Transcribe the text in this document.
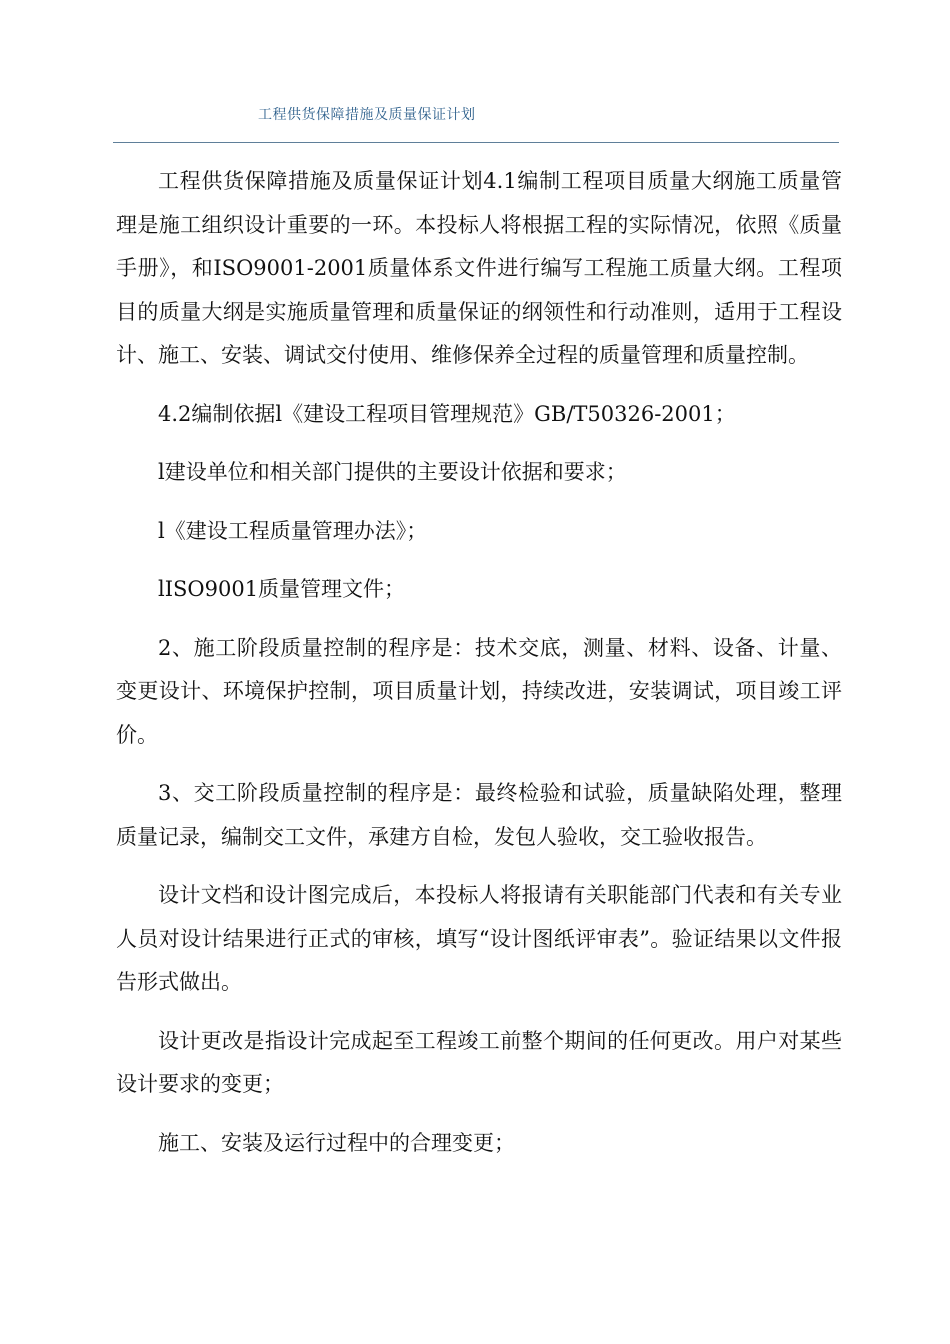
工程供货保障措施及质量保证计划

工程供货保障措施及质量保证计划4.1编制工程项目质量大纲施工质量管理是施工组织设计重要的一环。本投标人将根据工程的实际情况，依照《质量手册》，和ISO9001-2001质量体系文件进行编写工程施工质量大纲。工程项目的质量大纲是实施质量管理和质量保证的纲领性和行动准则，适用于工程设计、施工、安装、调试交付使用、维修保养全过程的质量管理和质量控制。

4.2编制依据l《建设工程项目管理规范》GB/T50326-2001；

l建设单位和相关部门提供的主要设计依据和要求；

l《建设工程质量管理办法》；

lISO9001质量管理文件；

2、施工阶段质量控制的程序是：技术交底，测量、材料、设备、计量、变更设计、环境保护控制，项目质量计划，持续改进，安装调试，项目竣工评价。

3、交工阶段质量控制的程序是：最终检验和试验，质量缺陷处理，整理质量记录，编制交工文件，承建方自检，发包人验收，交工验收报告。

设计文档和设计图完成后，本投标人将报请有关职能部门代表和有关专业人员对设计结果进行正式的审核，填写“设计图纸评审表”。验证结果以文件报告形式做出。

设计更改是指设计完成起至工程竣工前整个期间的任何更改。用户对某些设计要求的变更；

施工、安装及运行过程中的合理变更；
